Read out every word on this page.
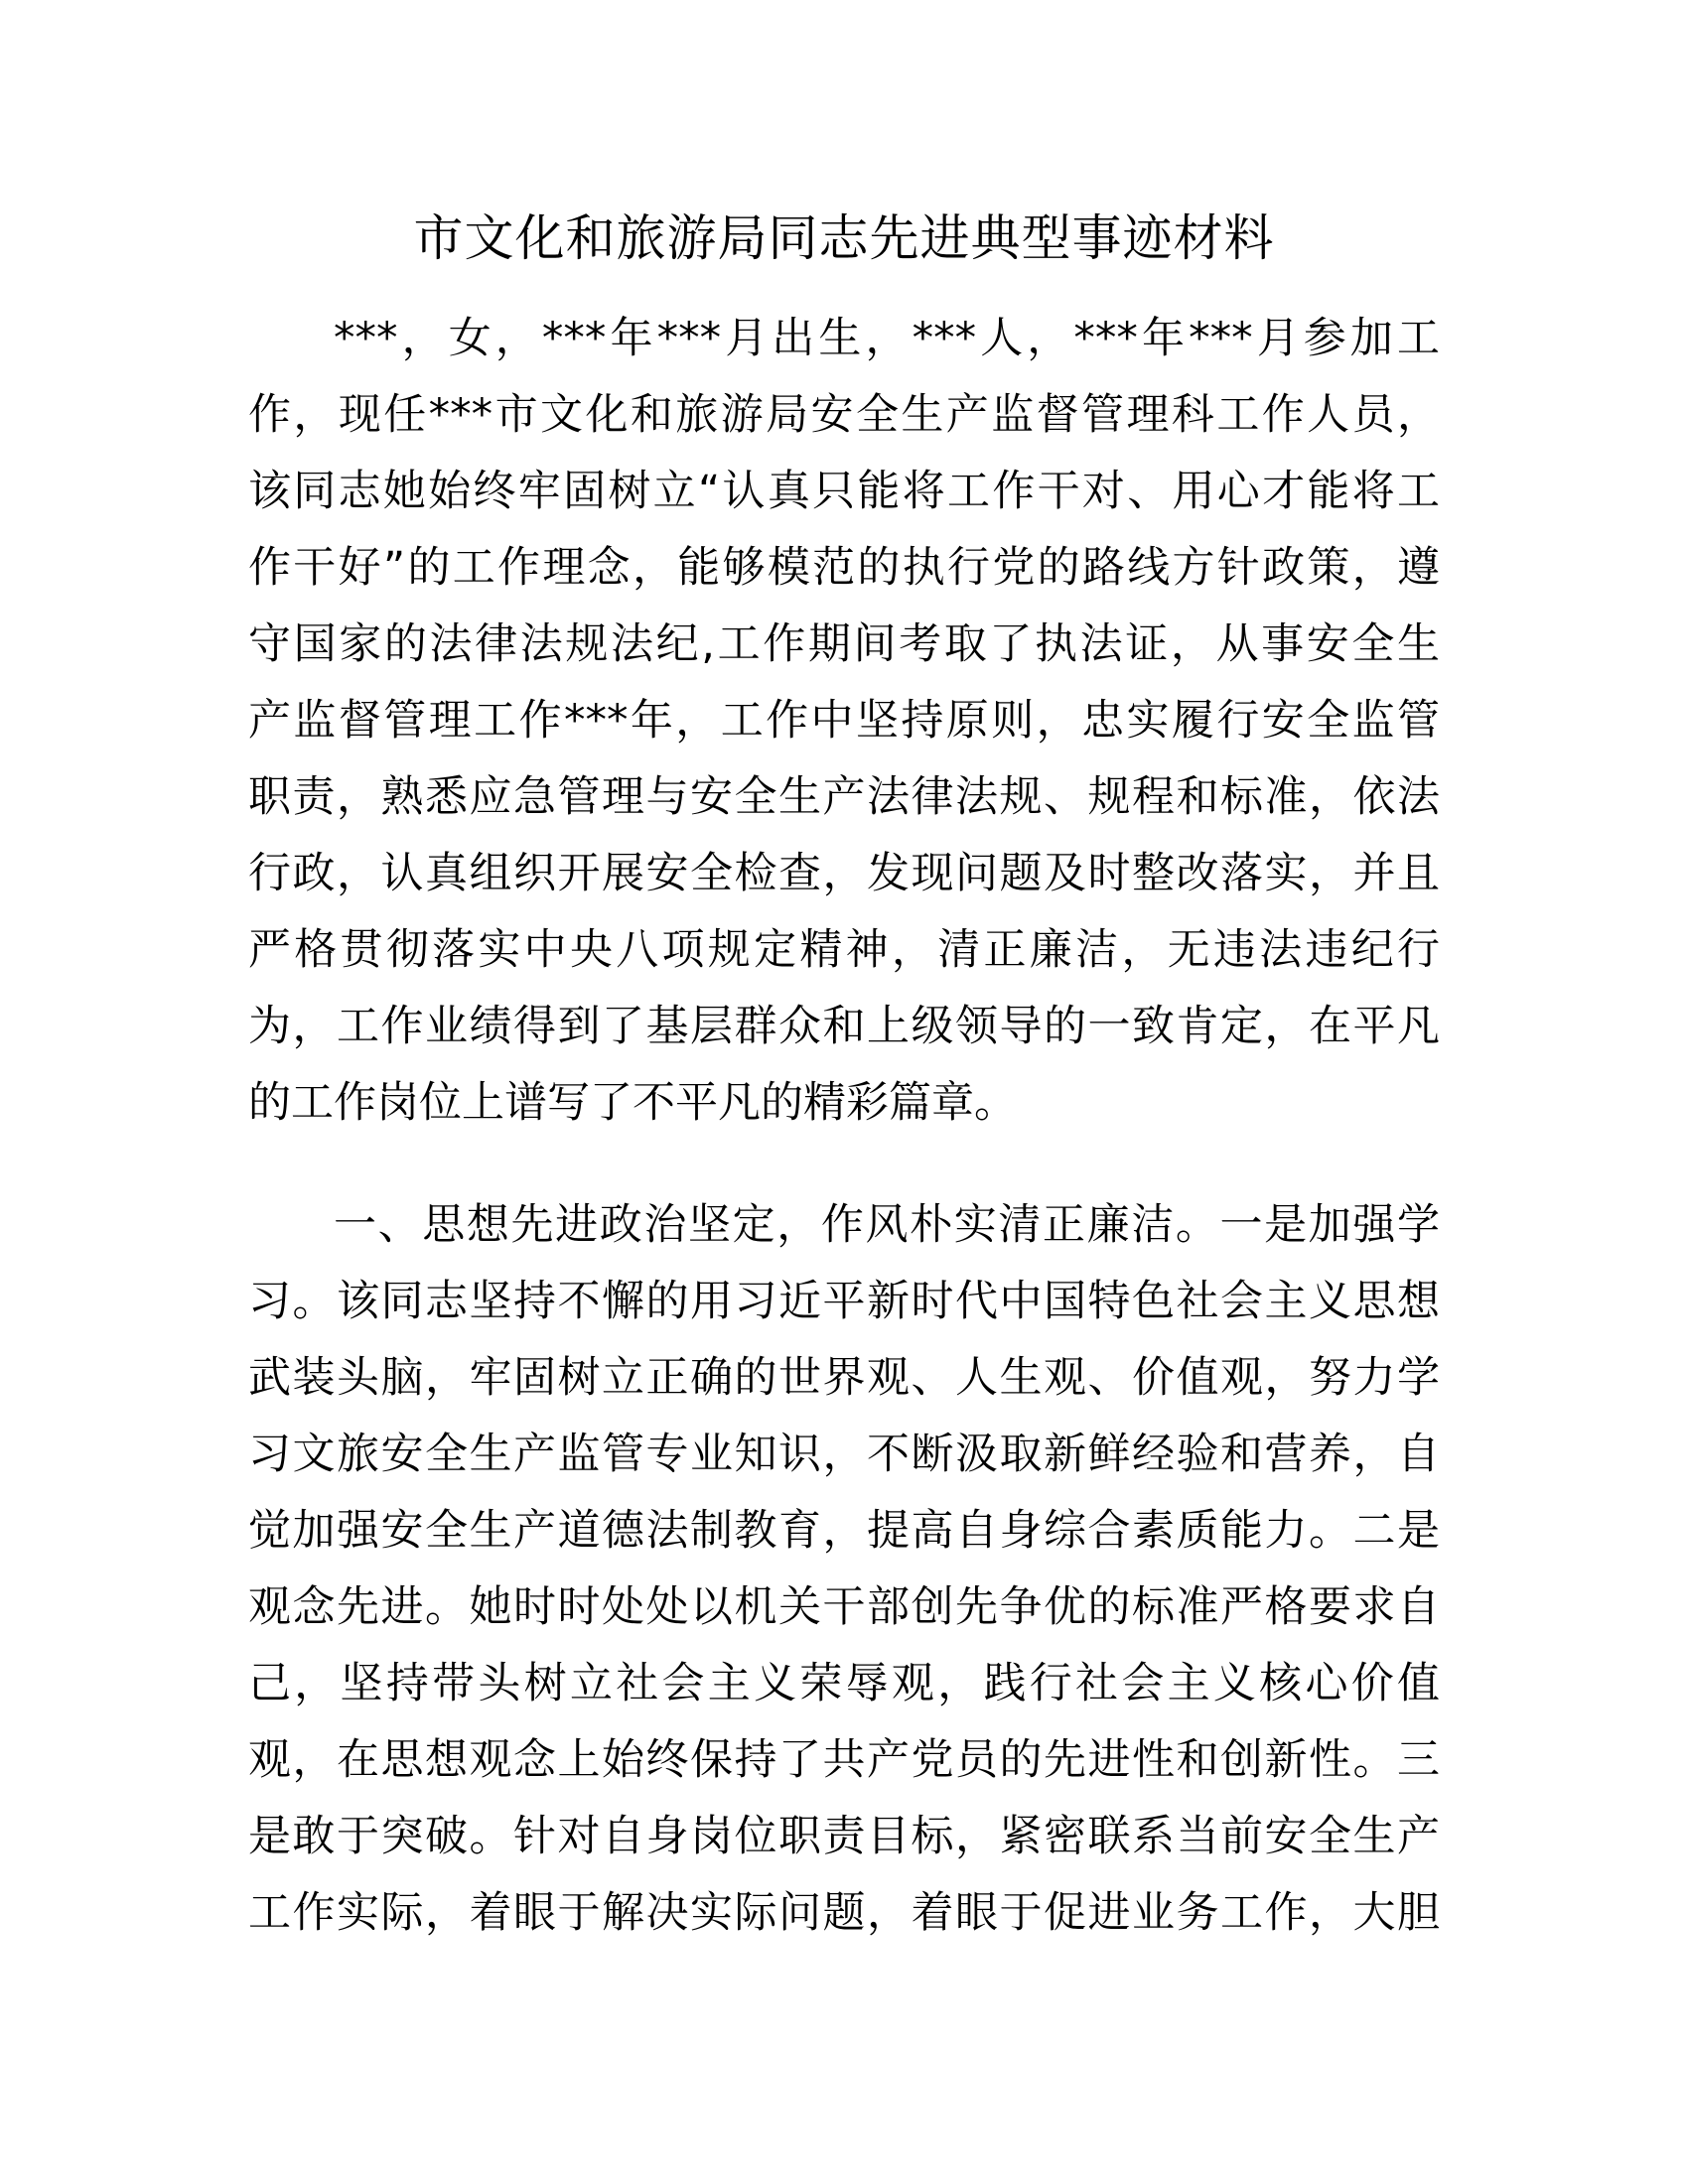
市文化和旅游局同志先进典型事迹材料
***，女，***年***月出生，***人，***年***月参加工
作，现任***市文化和旅游局安全生产监督管理科工作人员，
该同志她始终牢固树立“认真只能将工作干对、用心才能将工
作干好”的工作理念，能够模范的执行党的路线方针政策，遵
守国家的法律法规法纪,工作期间考取了执法证，从事安全生
产监督管理工作***年，工作中坚持原则，忠实履行安全监管
职责，熟悉应急管理与安全生产法律法规、规程和标准，依法
行政，认真组织开展安全检查，发现问题及时整改落实，并且
严格贯彻落实中央八项规定精神，清正廉洁，无违法违纪行
为，工作业绩得到了基层群众和上级领导的一致肯定，在平凡
的工作岗位上谱写了不平凡的精彩篇章。
一、思想先进政治坚定，作风朴实清正廉洁。一是加强学
习。该同志坚持不懈的用习近平新时代中国特色社会主义思想
武装头脑，牢固树立正确的世界观、人生观、价值观，努力学
习文旅安全生产监管专业知识，不断汲取新鲜经验和营养，自
觉加强安全生产道德法制教育，提高自身综合素质能力。二是
观念先进。她时时处处以机关干部创先争优的标准严格要求自
己，坚持带头树立社会主义荣辱观，践行社会主义核心价值
观，在思想观念上始终保持了共产党员的先进性和创新性。三
是敢于突破。针对自身岗位职责目标，紧密联系当前安全生产
工作实际，着眼于解决实际问题，着眼于促进业务工作，大胆
